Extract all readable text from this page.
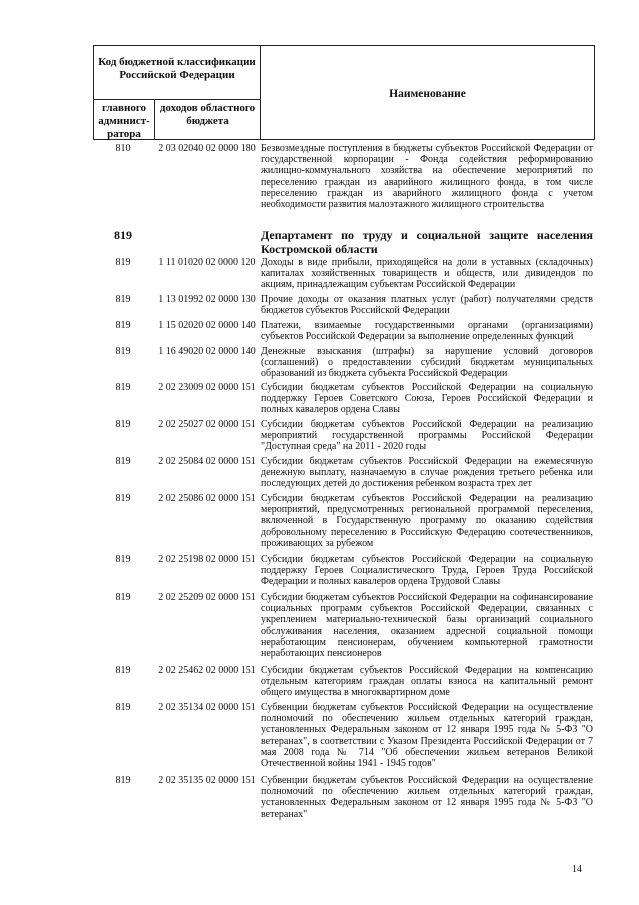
Код бюджетной классификации Российской Федерации
главного админист-ратора
доходов областного бюджета
Наименование
810	2 03 02040 02 0000 180 Безвозмездные поступления в бюджеты субъектов Российской Федерации от государственной корпорации - Фонда содействия реформированию жилищно-коммунального хозяйства на обеспечение мероприятий по переселению граждан из аварийного жилищного фонда, в том числе переселению граждан из аварийного жилищного фонда с учетом необходимости развития малоэтажного жилищного строительства
819	Департамент по труду и социальной защите населения Костромской области
819	1 11 01020 02 0000 120 Доходы в виде прибыли, приходящейся на доли в уставных (складочных) капиталах хозяйственных товариществ и обществ, или дивидендов по акциям, принадлежащим субъектам Российской Федерации
819	1 13 01992 02 0000 130 Прочие доходы от оказания платных услуг (работ) получателями средств бюджетов субъектов Российской Федерации
819	1 15 02020 02 0000 140 Платежи, взимаемые государственными органами (организациями) субъектов Российской Федерации за выполнение определенных функций
819	1 16 49020 02 0000 140 Денежные взыскания (штрафы) за нарушение условий договоров (соглашений) о предоставлении субсидий бюджетам муниципальных образований из бюджета субъекта Российской Федерации
819	2 02 23009 02 0000 151 Субсидии бюджетам субъектов Российской Федерации на социальную поддержку Героев Советского Союза, Героев Российской Федерации и полных кавалеров ордена Славы
819	2 02 25027 02 0000 151 Субсидии бюджетам субъектов Российской Федерации на реализацию мероприятий государственной программы Российской Федерации "Доступная среда" на 2011 - 2020 годы
819	2 02 25084 02 0000 151 Субсидии бюджетам субъектов Российской Федерации на ежемесячную денежную выплату, назначаемую в случае рождения третьего ребенка или последующих детей до достижения ребенком возраста трех лет
819	2 02 25086 02 0000 151 Субсидии бюджетам субъектов Российской Федерации на реализацию мероприятий, предусмотренных региональной программой переселения, включенной в Государственную программу по оказанию содействия добровольному переселению в Российскую Федерацию соотечественников, проживающих за рубежом
819	2 02 25198 02 0000 151 Субсидии бюджетам субъектов Российской Федерации на социальную поддержку Героев Социалистического Труда, Героев Труда Российской Федерации и полных кавалеров ордена Трудовой Славы
819	2 02 25209 02 0000 151 Субсидии бюджетам субъектов Российской Федерации на софинансирование социальных программ субъектов Российской Федерации, связанных с укреплением материально-технической базы организаций социального обслуживания населения, оказанием адресной социальной помощи неработающим пенсионерам, обучением компьютерной грамотности неработающих пенсионеров
819	2 02 25462 02 0000 151 Субсидии бюджетам субъектов Российской Федерации на компенсацию отдельным категориям граждан оплаты взноса на капитальный ремонт общего имущества в многоквартирном доме
819	2 02 35134 02 0000 151 Субвенции бюджетам субъектов Российской Федерации на осуществление полномочий по обеспечению жильем отдельных категорий граждан, установленных Федеральным законом от 12 января 1995 года № 5-ФЗ "О ветеранах", в соответствии с Указом Президента Российской Федерации от 7 мая 2008 года № 714 "Об обеспечении жильем ветеранов Великой Отечественной войны 1941 - 1945 годов"
819	2 02 35135 02 0000 151 Субвенции бюджетам субъектов Российской Федерации на осуществление полномочий по обеспечению жильем отдельных категорий граждан, установленных Федеральным законом от 12 января 1995 года № 5-ФЗ "О ветеранах"
14
